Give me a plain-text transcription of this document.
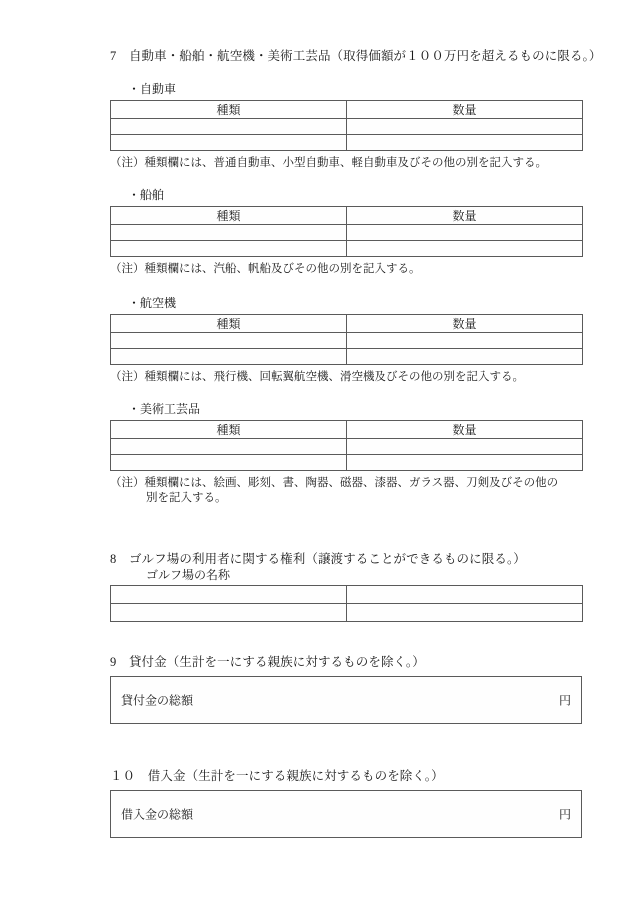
7　自動車・船舶・航空機・美術工芸品（取得価額が１００万円を超えるものに限る。）
・自動車
種類	数量

（注）種類欄には、普通自動車、小型自動車、軽自動車及びその他の別を記入する。
・船舶
種類	数量

（注）種類欄には、汽船、帆船及びその他の別を記入する。
・航空機
種類	数量

（注）種類欄には、飛行機、回転翼航空機、滑空機及びその他の別を記入する。
・美術工芸品
種類	数量

（注）種類欄には、絵画、彫刻、書、陶器、磁器、漆器、ガラス器、刀剣及びその他の
別を記入する。
8　ゴルフ場の利用者に関する権利（譲渡することができるものに限る。）
ゴルフ場の名称

9　貸付金（生計を一にする親族に対するものを除く。）
貸付金の総額	円
１０　借入金（生計を一にする親族に対するものを除く。）
借入金の総額	円
